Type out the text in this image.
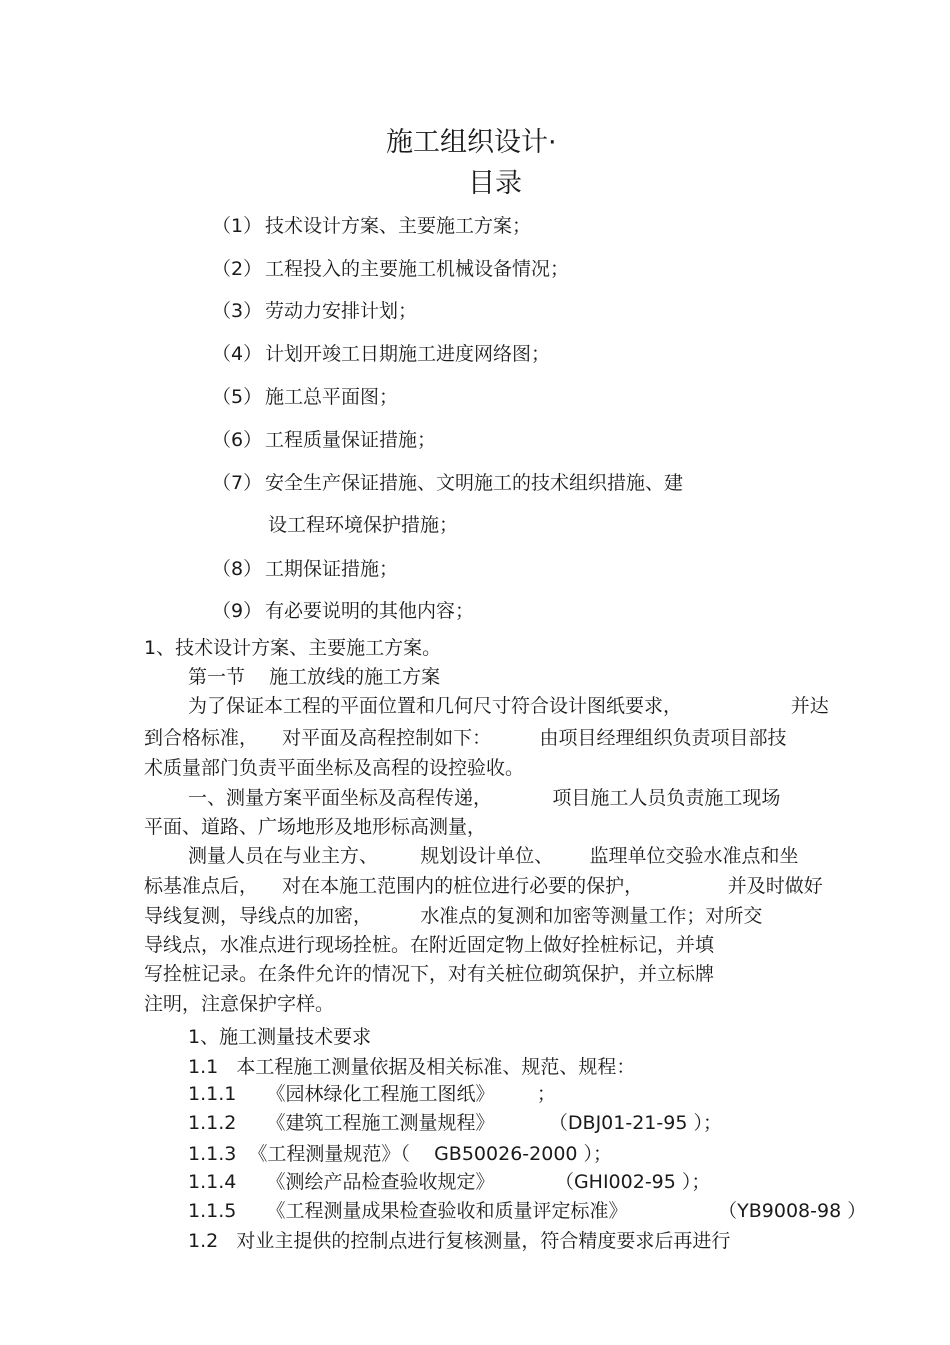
施工组织设计·
目录
（1） 技术设计方案、主要施工方案；
（2） 工程投入的主要施工机械设备情况；
（3） 劳动力安排计划；
（4） 计划开竣工日期施工进度网络图；
（5） 施工总平面图；
（6） 工程质量保证措施；
（7） 安全生产保证措施、文明施工的技术组织措施、建
设工程环境保护措施；
（8） 工期保证措施；
（9） 有必要说明的其他内容；
1、技术设计方案、主要施工方案。
第一节    施工放线的施工方案
为了保证本工程的平面位置和几何尺寸符合设计图纸要求，                  并达
到合格标准，    对平面及高程控制如下：        由项目经理组织负责项目部技
术质量部门负责平面坐标及高程的设控验收。
一、测量方案平面坐标及高程传递，          项目施工人员负责施工现场
平面、道路、广场地形及地形标高测量，
测量人员在与业主方、       规划设计单位、      监理单位交验水准点和坐
标基准点后，    对在本施工范围内的桩位进行必要的保护，              并及时做好
导线复测，导线点的加密，        水准点的复测和加密等测量工作；对所交
导线点，水准点进行现场拴桩。在附近固定物上做好拴桩标记，并填
写拴桩记录。在条件允许的情况下，对有关桩位砌筑保护，并立标牌
注明，注意保护字样。
1、施工测量技术要求
1.1   本工程施工测量依据及相关标准、规范、规程：
1.1.1     《园林绿化工程施工图纸》       ；
1.1.2     《建筑工程施工测量规程》         （DBJ01-21-95 ）；
1.1.3  《工程测量规范》（    GB50026-2000 ）；
1.1.4     《测绘产品检查验收规定》          （GHI002-95 ）；
1.1.5     《工程测量成果检查验收和质量评定标准》               （YB9008-98 ）
1.2   对业主提供的控制点进行复核测量，符合精度要求后再进行
